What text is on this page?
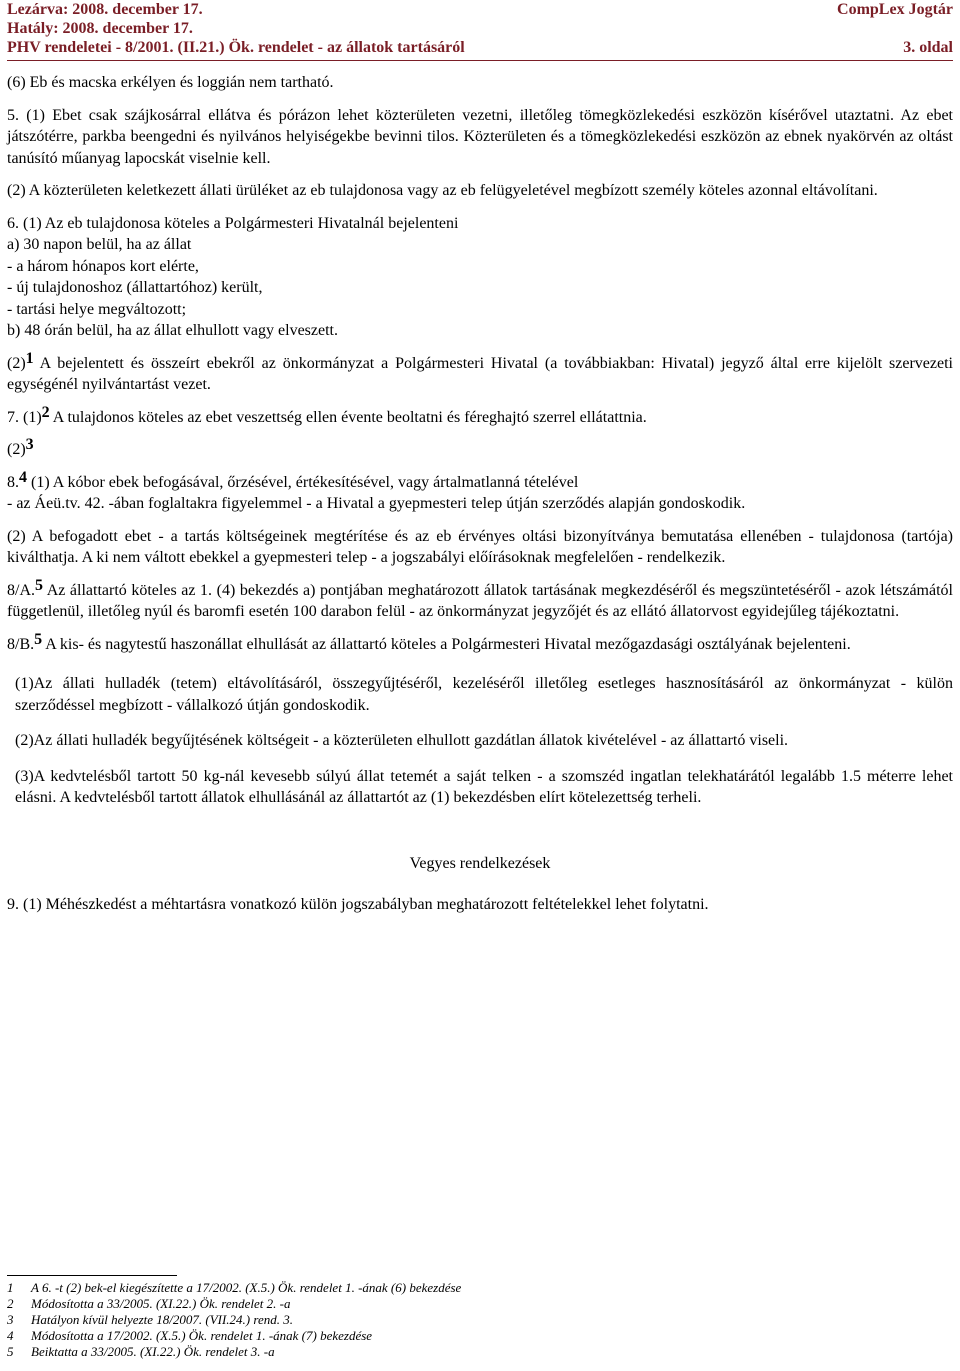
Lezárva: 2008. december 17.	CompLex Jogtár
Hatály: 2008. december 17.
PHV rendeletei - 8/2001. (II.21.) Ök. rendelet - az állatok tartásáról	3. oldal

(6) Eb és macska erkélyen és loggián nem tartható.

5. (1) Ebet csak szájkosárral ellátva és pórázon lehet közterületen vezetni, illetőleg tömegközlekedési eszközön kísérővel utaztatni. Az ebet játszótérre, parkba beengedni és nyilvános helyiségekbe bevinni tilos. Közterületen és a tömegközlekedési eszközön az ebnek nyakörvén az oltást tanúsító műanyag lapocskát viselnie kell.

(2) A közterületen keletkezett állati ürüléket az eb tulajdonosa vagy az eb felügyeletével megbízott személy köteles azonnal eltávolítani.

6. (1) Az eb tulajdonosa köteles a Polgármesteri Hivatalnál bejelenteni
a) 30 napon belül, ha az állat
- a három hónapos kort elérte,
- új tulajdonoshoz (állattartóhoz) került,
- tartási helye megváltozott;
b) 48 órán belül, ha az állat elhullott vagy elveszett.

(2)$^1$ A bejelentett és összeírt ebekről az önkormányzat a Polgármesteri Hivatal (a továbbiakban: Hivatal) jegyző által erre kijelölt szervezeti egységénél nyilvántartást vezet.

7. (1)$^2$ A tulajdonos köteles az ebet veszettség ellen évente beoltatni és féreghajtó szerrel ellátattnia.

(2)$^3$

8.$^4$ (1) A kóbor ebek befogásával, őrzésével, értékesítésével, vagy ártalmatlanná tételével
- az Áeü.tv. 42. -ában foglaltakra figyelemmel - a Hivatal a gyepmesteri telep útján szerződés alapján gondoskodik.

(2) A befogadott ebet - a tartás költségeinek megtérítése és az eb érvényes oltási bizonyítványa bemutatása ellenében - tulajdonosa (tartója) kiválthatja. A ki nem váltott ebekkel a gyepmesteri telep - a jogszabályi előírásoknak megfelelően - rendelkezik.

8/A.$^5$ Az állattartó köteles az 1. (4) bekezdés a) pontjában meghatározott állatok tartásának megkezdéséről és megszüntetéséről - azok létszámától függetlenül, illetőleg nyúl és baromfi esetén 100 darabon felül - az önkormányzat jegyzőjét és az ellátó állatorvost egyidejűleg tájékoztatni.

8/B.$^5$ A kis- és nagytestű haszonállat elhullását az állattartó köteles a Polgármesteri Hivatal mezőgazdasági osztályának bejelenteni.

(1)Az állati hulladék (tetem) eltávolításáról, összegyűjtéséről, kezeléséről illetőleg esetleges hasznosításáról az önkormányzat - külön szerződéssel megbízott - vállalkozó útján gondoskodik.

(2)Az állati hulladék begyűjtésének költségeit - a közterületen elhullott gazdátlan állatok kivételével - az állattartó viseli.

(3)A kedvtelésből tartott 50 kg-nál kevesebb súlyú állat tetemét a saját telken - a szomszéd ingatlan telekhatárától legalább 1.5 méterre lehet elásni. A kedvtelésből tartott állatok elhullásánál az állattartót az (1) bekezdésben elírt kötelezettség terheli.

Vegyes rendelkezések

9. (1) Méhészkedést a méhtartásra vonatkozó külön jogszabályban meghatározott feltételekkel lehet folytatni.

1	A 6. -t (2) bek-el kiegészítette a 17/2002. (X.5.) Ök. rendelet 1. -ának (6) bekezdése
2	Módosította a 33/2005. (XI.22.) Ök. rendelet 2. -a
3	Hatályon kívül helyezte 18/2007. (VII.24.) rend. 3.
4	Módosította a 17/2002. (X.5.) Ök. rendelet 1. -ának (7) bekezdése
5	Beiktatta a 33/2005. (XI.22.) Ök. rendelet 3. -a
